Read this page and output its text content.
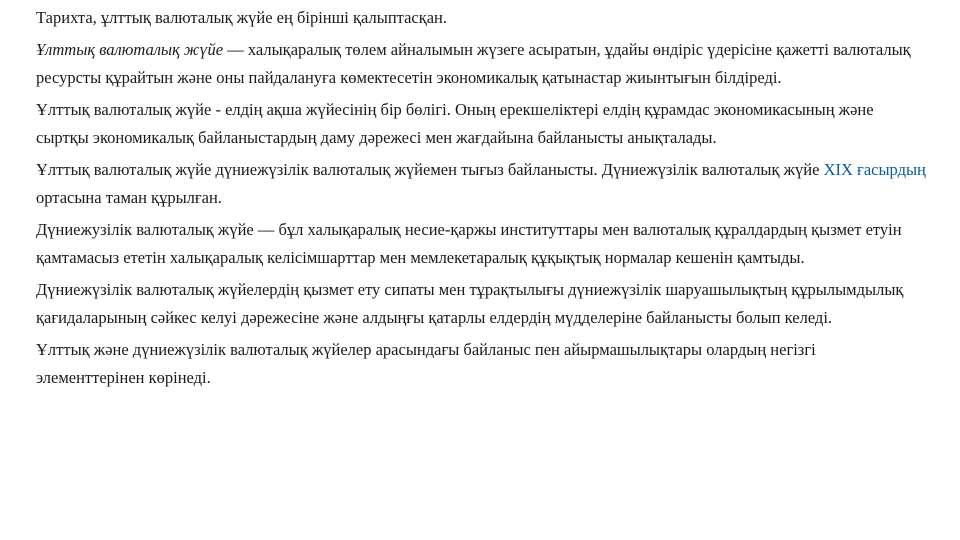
Тарихта, ұлттық валюталық жүйе ең бірінші қалыптасқан.

Ұлттық валюталық жүйе — халықаралық төлем айналымын жүзеге асыратын, ұдайы өндіріс үдерісіне қажетті валюталық ресурсты құрайтын және оны пайдалануға көмектесетін экономикалық қатынастар жиынтығын білдіреді.

Ұлттық валюталық жүйе - елдің ақша жүйесінің бір бөлігі. Оның ерекшеліктері елдің құрамдас экономикасының және сыртқы экономикалық байланыстардың даму дәрежесі мен жағдайына байланысты анықталады.

Ұлттық валюталық жүйе дүниежүзілік валюталық жүйемен тығыз байланысты. Дүниежүзілік валюталық жүйе XIX ғасырдың ортасына таман құрылған.

Дүниежузілік валюталық жүйе — бұл халықаралық несие-қаржы институттары мен валюталық құралдардың қызмет етуін қамтамасыз ететін халықаралық келісімшарттар мен мемлекетаралық құқықтық нормалар кешенін қамтыды.

Дүниежүзілік валюталық жүйелердің қызмет ету сипаты мен тұрақтылығы дүниежүзілік шаруашылықтың құрылымдылық қағидаларының сәйкес келуі дәрежесіне және алдыңғы қатарлы елдердің мүдделеріне байланысты болып келеді.

Ұлттық және дүниежүзілік валюталық жүйелер арасындағы байланыс пен айырмашылықтары олардың негізгі элементтерінен көрінеді.
